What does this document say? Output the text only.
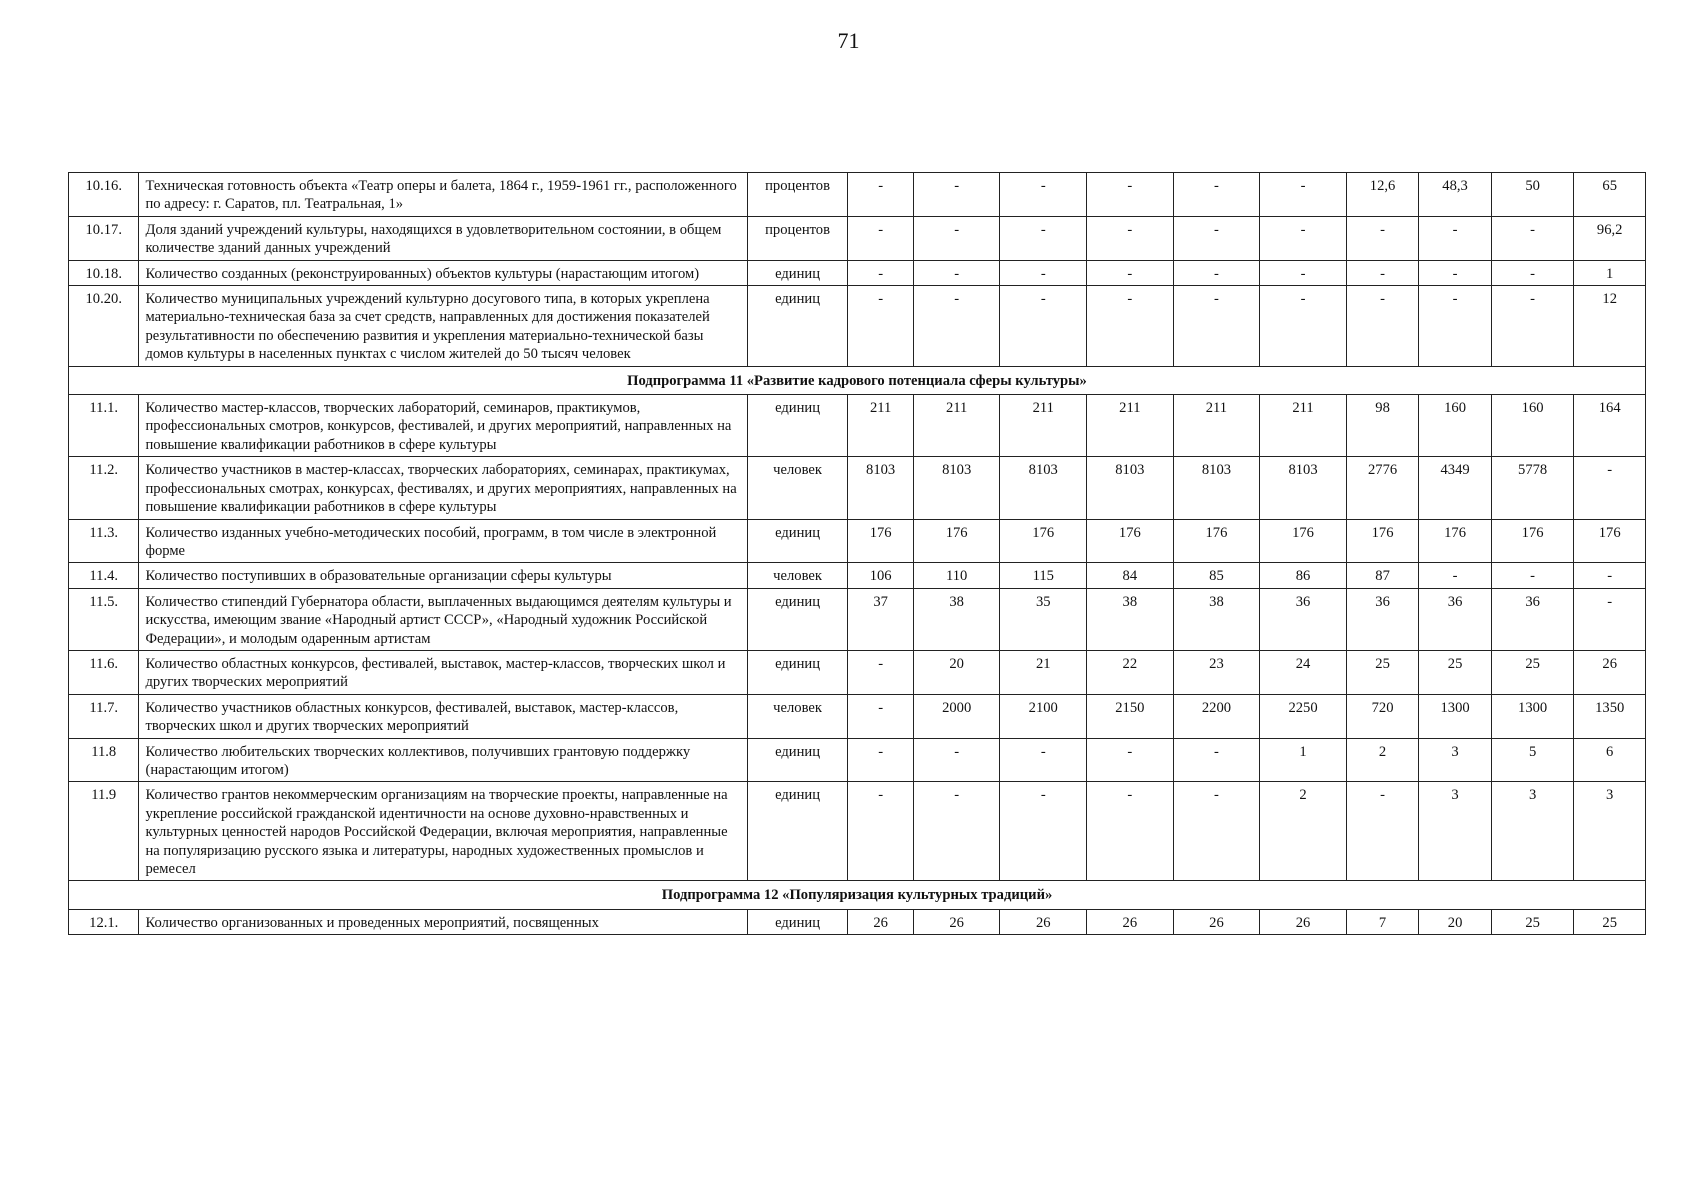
71
10.16.	Техническая готовность объекта «Театр оперы и балета, 1864 г., 1959-1961 гг., расположенного по адресу: г. Саратов, пл. Театральная, 1»	процентов	-	-	-	-	-	-	12,6	48,3	50	65
10.17.	Доля зданий учреждений культуры, находящихся в удовлетворительном состоянии, в общем количестве зданий данных учреждений	процентов	-	-	-	-	-	-	-	-	-	96,2
10.18.	Количество созданных (реконструированных) объектов культуры (нарастающим итогом)	единиц	-	-	-	-	-	-	-	-	-	1
10.20.	Количество муниципальных учреждений культурно досугового типа, в которых укреплена материально-техническая база за счет средств, направленных для достижения показателей результативности по обеспечению развития и укрепления материально-технической базы домов культуры в населенных пунктах с числом жителей до 50 тысяч человек	единиц	-	-	-	-	-	-	-	-	-	12
Подпрограмма 11 «Развитие кадрового потенциала сферы культуры»												
11.1.	Количество мастер-классов, творческих лабораторий, семинаров, практикумов, профессиональных смотров, конкурсов, фестивалей, и других мероприятий, направленных на повышение квалификации работников в сфере культуры	единиц	211	211	211	211	211	211	98	160	160	164
11.2.	Количество участников в мастер-классах, творческих лабораториях, семинарах, практикумах, профессиональных смотрах, конкурсах, фестивалях, и других мероприятиях, направленных на повышение квалификации работников в сфере культуры	человек	8103	8103	8103	8103	8103	8103	2776	4349	5778	-
11.3.	Количество изданных учебно-методических пособий, программ, в том числе в электронной форме	единиц	176	176	176	176	176	176	176	176	176	176
11.4.	Количество поступивших в образовательные организации сферы культуры	человек	106	110	115	84	85	86	87	-	-	-
11.5.	Количество стипендий Губернатора области, выплаченных выдающимся деятелям культуры и искусства, имеющим звание «Народный артист СССР», «Народный художник Российской Федерации», и молодым одаренным артистам	единиц	37	38	35	38	38	36	36	36	36	-
11.6.	Количество областных конкурсов, фестивалей, выставок, мастер-классов, творческих школ и других творческих мероприятий	единиц	-	20	21	22	23	24	25	25	25	26
11.7.	Количество участников областных конкурсов, фестивалей, выставок, мастер-классов, творческих школ и других творческих мероприятий	человек	-	2000	2100	2150	2200	2250	720	1300	1300	1350
11.8	Количество любительских творческих коллективов, получивших грантовую поддержку (нарастающим итогом)	единиц	-	-	-	-	-	1	2	3	5	6
11.9	Количество грантов некоммерческим организациям на творческие проекты, направленные на укрепление российской гражданской идентичности на основе духовно-нравственных и культурных ценностей народов Российской Федерации, включая мероприятия, направленные на популяризацию русского языка и литературы, народных художественных промыслов и ремесел	единиц	-	-	-	-	-	2	-	3	3	3
Подпрограмма 12 «Популяризация культурных традиций»												
12.1.	Количество организованных и проведенных мероприятий, посвященных	единиц	26	26	26	26	26	26	7	20	25	25
